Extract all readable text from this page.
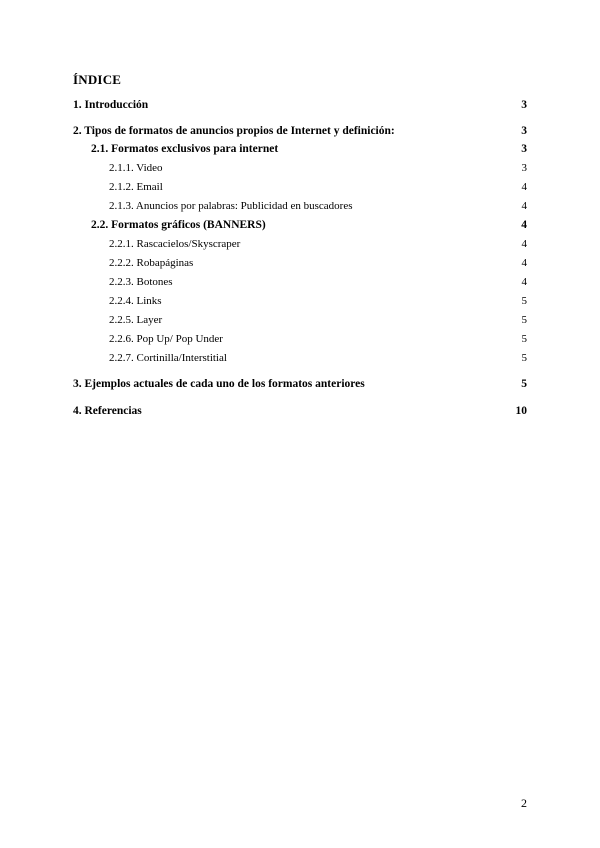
ÍNDICE
1. Introducción	3
2. Tipos de formatos de anuncios propios de Internet y definición:	3
2.1. Formatos exclusivos para internet	3
2.1.1. Video	3
2.1.2. Email	4
2.1.3. Anuncios por palabras: Publicidad en buscadores	4
2.2. Formatos gráficos (BANNERS)	4
2.2.1. Rascacielos/Skyscraper	4
2.2.2. Robapáginas	4
2.2.3. Botones	4
2.2.4. Links	5
2.2.5. Layer	5
2.2.6. Pop Up/ Pop Under	5
2.2.7. Cortinilla/Interstitial	5
3. Ejemplos actuales de cada uno de los formatos anteriores	5
4. Referencias	10
2
